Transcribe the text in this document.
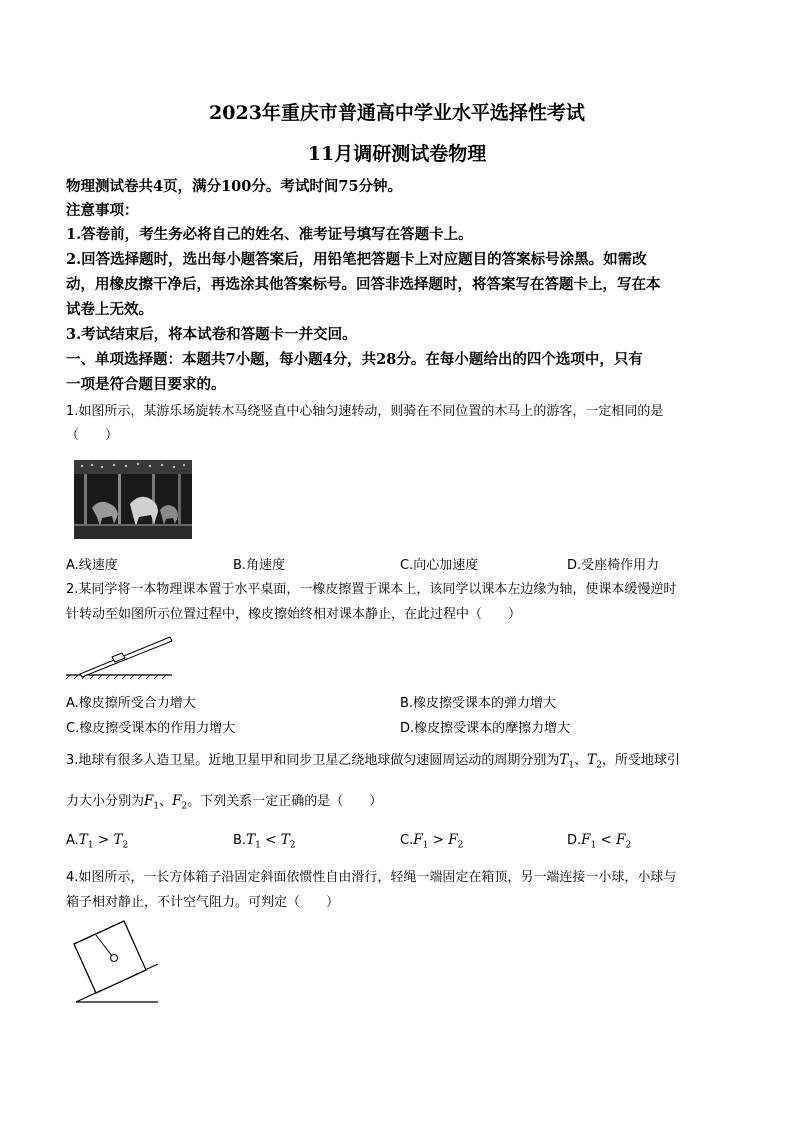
2023年重庆市普通高中学业水平选择性考试
11月调研测试卷物理
物理测试卷共4页，满分100分。考试时间75分钟。
注意事项：
1.答卷前，考生务必将自己的姓名、准考证号填写在答题卡上。
2.回答选择题时，选出每小题答案后，用铅笔把答题卡上对应题目的答案标号涂黑。如需改
动，用橡皮擦干净后，再选涂其他答案标号。回答非选择题时，将答案写在答题卡上，写在本
试卷上无效。
3.考试结束后，将本试卷和答题卡一并交回。
一、单项选择题：本题共7小题，每小题4分，共28分。在每小题给出的四个选项中，只有
一项是符合题目要求的。
1.如图所示，某游乐场旋转木马绕竖直中心轴匀速转动，则骑在不同位置的木马上的游客，一定相同的是
（　　）
A.线速度	B.角速度	C.向心加速度	D.受座椅作用力
2.某同学将一本物理课本置于水平桌面，一橡皮擦置于课本上，该同学以课本左边缘为轴，使课本缓慢逆时
针转动至如图所示位置过程中，橡皮擦始终相对课本静止，在此过程中（　　）
A.橡皮擦所受合力增大	B.橡皮擦受课本的弹力增大
C.橡皮擦受课本的作用力增大	D.橡皮擦受课本的摩擦力增大
3.地球有很多人造卫星。近地卫星甲和同步卫星乙绕地球做匀速圆周运动的周期分别为$T_1$、$T_2$，所受地球引
力大小分别为$F_1$、$F_2$。下列关系一定正确的是（　　）
$A.T_1 > T_2$	$B.T_1 < T_2$	$C.F_1 > F_2$	$D.F_1 < F_2$
4.如图所示，一长方体箱子沿固定斜面依惯性自由滑行，轻绳一端固定在箱顶，另一端连接一小球，小球与
箱子相对静止，不计空气阻力。可判定（　　）
